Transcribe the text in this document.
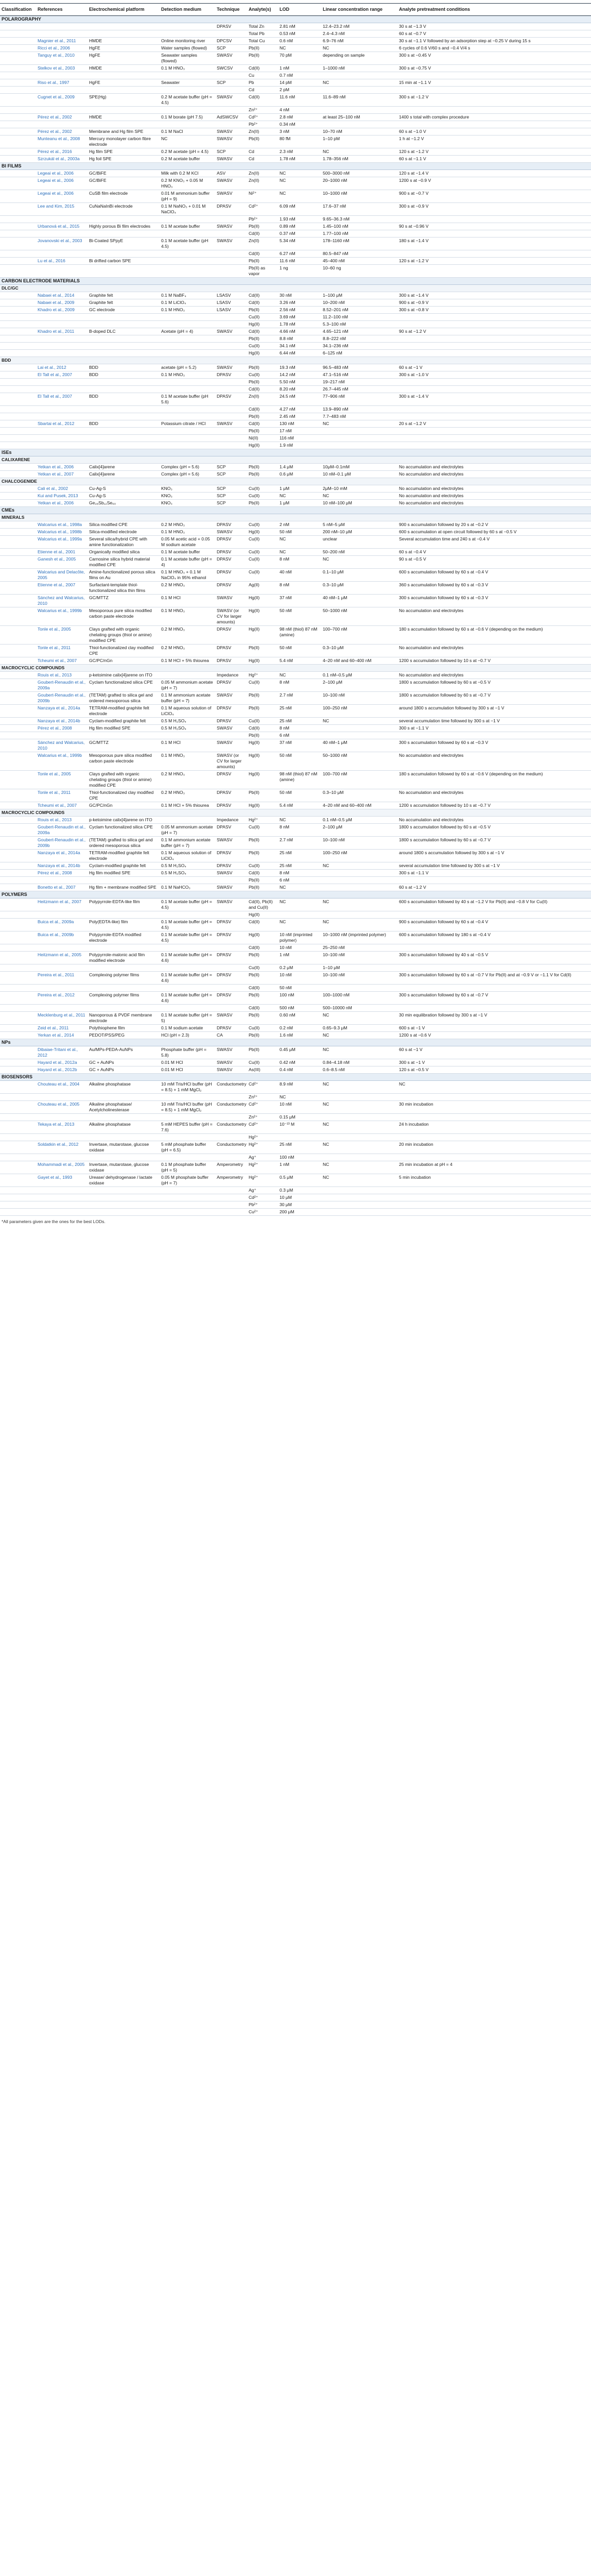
Classification	References	Electrochemical platform	Detection medium	Technique	Analyte(s)	LOD	Linear concentration range	Analyte pretreatment conditions
POLAROGRAPHY								
				DPASV	Total Zn	2.81 nM	12.4–23.2 nM	30 s at −1.3 V
					Total Pb	0.53 nM	2.4–4.3 nM	60 s at −0.7 V
	Magnier et al., 2011	HMDE	Online monitoring river	DPCSV	Total Cu	0.6 nM	6.9–76 nM	30 s at −1.1 V followed by an adsorption step at −0.25 V during 15 s
	Ricci et al., 2006	HgFE	Water samples (flowed)	SCP	Pb(II)	NC	NC	6 cycles of 0.6 V/60 s and −0.4 V/4 s
	Tanguy et al., 2010	HgFE	Seawater samples (flowed)	SWASV	Pb(II)	70 pM	depending on sample	300 s at −0.45 V
	Stelkov et al., 2003	HMDE	0.1 M HNO₃	SWCSV	Cd(II)	1 nM	1–1000 nM	300 s at −0.75 V
					Cu	0.7 nM		
	Riso et al., 1997	HgFE	Seawater	SCP	Pb	14 pM	NC	15 min at −1.1 V
					Cd	2 pM		
	Cugnet et al., 2009	SPE(Hg)	0.2 M acetate buffer (pH = 4.5)	SWASV	Cd(II)	11.6 nM	11.6–89 nM	300 s at −1.2 V
					Zn²⁺	4 nM		
	Pérez et al., 2002	HMDE	0.1 M borate (pH 7.5)	AdSWCSV	Cd²⁺	2.8 nM	at least 25–100 nM	1400 s total with complex procedure
					Pb²⁺	0.34 nM		
	Pérez et al., 2002	Membrane and Hg film SPE	0.1 M NaCl	SWASV	Zn(II)	3 nM	10–70 nM	60 s at −1.0 V
	Munteanu et al., 2008	Mercury monolayer carbon fibre electrode	NC	SWASV	Pb(II)	80 fM	1–10 pM	1 h at −1.2 V
	Pérez et al., 2016	Hg film SPE	0.2 M acetate (pH = 4.5)	SCP	Cd	2.3 nM	NC	120 s at −1.2 V
	Szrzukál et al., 2003a	Hg foil SPE	0.2 M acetate buffer	SWASV	Cd	1.78 nM	1.78–356 nM	60 s at −1.1 V
BI FILMS								
	Legeai et al., 2006	GC/BiFE	Milk with 0.2 M KCl	ASV	Zn(II)	NC	500–3000 nM	120 s at −1.4 V
	Legeai et al., 2006	GC/BiFE	0.2 M KNO₃ + 0.05 M HNO₃	SWASV	Zn(II)	NC	20–1000 nM	1200 s at −0.9 V
	Legeai et al., 2006	CuSB film electrode	0.01 M ammonium buffer (pH = 9)	SWASV	Ni²⁺	NC	10–1000 nM	900 s at −0.7 V
	Lee and Kim, 2015	CuNaNaInBi electrode	0.1 M NaNO₃ + 0.01 M NaClO₄	DPASV	Cd²⁺	6.09 nM	17.6–37 nM	300 s at −0.9 V
					Pb²⁺	1.93 nM	9.65–36.3 nM	
	Urbanová et al., 2015	Highly porous Bi film electrodes	0.1 M acetate buffer	SWASV	Pb(II)	0.89 nM	1.45–100 nM	90 s at −0.96 V
					Cd(II)	0.37 nM	1.77–100 nM	
	Jovanovski et al., 2003	Bi-Coated SPpyE	0.1 M acetate buffer (pH 4.5)	SWASV	Zn(II)	5.34 nM	178–1160 nM	180 s at −1.4 V
					Cd(II)	6.27 nM	80.5–847 nM	
	Lu et al., 2016	Bi drifted carbon SPE			Pb(II)	11.6 nM	45–400 nM	120 s at −1.2 V
					Pb(II) as vapor	1 ng	10–60 ng	
CARBON ELECTRODE MATERIALS								
DLC/GC								
	Nabaei et al., 2014	Graphite felt	0.1 M NaBF₄	LSASV	Cd(II)	30 nM	1–100 μM	300 s at −1.4 V
	Nabaei et al., 2009	Graphite felt	0.1 M LiClO₄	LSASV	Cd(II)	3.26 nM	10–200 nM	900 s at −0.9 V
	Khadro et al., 2009	GC electrode	0.1 M HNO₃	LSASV	Pb(II)	2.56 nM	8.52–201 nM	300 s at −0.8 V
					Cu(II)	3.69 nM	11.2–100 nM	
					Hg(II)	1.78 nM	5.3–100 nM	
	Khadro et al., 2011	B-doped DLC	Acetate (pH = 4)	SWASV	Cd(II)	4.66 nM	4.65–121 nM	90 s at −1.2 V
					Pb(II)	8.8 nM	8.8–222 nM	
					Cu(II)	34.1 nM	34.1–236 nM	
					Hg(II)	6.44 nM	6–125 nM	
BDD								
	Lai et al., 2012	BDD	acetate (pH = 5.2)	SWASV	Pb(II)	19.3 nM	96.5–483 nM	60 s at −1 V
	El Tall et al., 2007	BDD	0.1 M HNO₃	DPASV	Cu(II)	14.2 nM	47.1–516 nM	300 s at −1.0 V
					Pb(II)	5.50 nM	19–217 nM	
					Cd(II)	8.20 nM	26.7–445 nM	
	El Tall et al., 2007	BDD	0.1 M acetate buffer (pH 5.6)	DPASV	Zn(II)	24.5 nM	77–906 nM	300 s at −1.4 V
					Cd(II)	4.27 nM	13.9–890 nM	
					Pb(II)	2.45 nM	7.7–483 nM	
	Sbartai et al., 2012	BDD	Potassium citrate / HCl	SWASV	Cd(II)	130 nM	NC	20 s at −1.2 V
					Pb(II)	17 nM		
					Ni(II)	116 nM		
					Hg(II)	1.9 nM		
ISEs								
CALIXARENE								
	Yetkan et al., 2006	Calix[4]arene	Complex (pH = 5.6)	SCP	Pb(II)	1.4 μM	10μM–0.1mM	No accumulation and electrolytes
	Yetkan et al., 2007	Calix[4]arene	Complex (pH = 5.6)	SCP	Pb(II)	0.6 μM	10 nM–0.1 μM	No accumulation and electrolytes
CHALCOGENIDE								
	Cali et al., 2002	Cu-Ag-S	KNO₃	SCP	Cu(II)	1 μM	2μM–10 mM	No accumulation and electrolytes
	Kui and Pusek, 2013	Cu-Ag-S	KNO₃	SCP	Cu(II)	NC	NC	No accumulation and electrolytes
	Yetkan et al., 2006	Ge₂₈Sb₁₂Se₆₀	KNO₃	SCP	Pb(II)	1 μM	10 nM–100 μM	No accumulation and electrolytes
CMEs								
MINERALS								
	Walcarius et al., 1998a	Silica modified CPE	0.2 M HNO₃	DPASV	Cu(II)	2 nM	5 nM–5 μM	900 s accumulation followed by 20 s at −0.2 V
	Walcarius et al., 1998b	Silica-modified electrode	0.1 M HNO₃	SWASV	Hg(II)	50 nM	200 nM–10 μM	600 s accumulation at open circuit followed by 60 s at −0.5 V
	Walcarius et al., 1999a	Several silica/hybrid CPE with amine functionalization	0.05 M acetic acid + 0.05 M sodium acetate	DPASV	Cu(II)	NC	unclear	Several accumulation time and 240 s at −0.4 V
	Etienne et al., 2001	Organically modified silica	0.1 M acetate buffer	DPASV	Cu(II)	NC	50–200 nM	60 s at −0.4 V
	Ganesh et al., 2005	Carnosine silica hybrid material modified CPE	0.1 M acetate buffer (pH = 4)	DPASV	Cu(II)	8 nM	NC	90 s at −0.5 V
	Walcarius and Delacôte, 2005	Amine-functionalized porous silica films on Au	0.1 M HNO₃ + 0.1 M NaClO₄ in 95% ethanol	DPASV	Cu(II)	40 nM	0.1–10 μM	600 s accumulation followed by 60 s at −0.4 V
	Etienne et al., 2007	Surfactant-template thiol-functionalized silica thin films	0.2 M HNO₃	DPASV	Ag(II)	8 nM	0.3–10 μM	360 s accumulation followed by 60 s at −0.3 V
	Sánchez and Walcarius, 2010	GC/MTTZ	0.1 M HCl	SWASV	Hg(II)	37 nM	40 nM–1 μM	300 s accumulation followed by 60 s at −0.3 V
	Walcarius et al., 1999b	Mesoporous pure silica modified carbon paste electrode	0.1 M HNO₃	SWASV (or CV for larger amounts)	Hg(II)	50 nM	50–1000 nM	No accumulation and electrolytes
	Tonle et al., 2005	Clays grafted with organic chelating groups (thiol or amine) modified CPE	0.2 M HNO₃	DPASV	Hg(II)	98 nM (thiol) 87 nM (amine)	100–700 nM	180 s accumulation followed by 60 s at −0.6 V (depending on the medium)
	Tonle et al., 2011	Thiol-functionalized clay modified CPE	0.2 M HNO₃	DPASV	Pb(II)	50 nM	0.3–10 μM	No accumulation and electrolytes
	Tcheumi et al., 2007	GC/PC/nGn	0.1 M HCl + 5% thiourea	DPASV	Hg(II)	5.4 nM	4–20 nM and 60–400 nM	1200 s accumulation followed by 10 s at −0.7 V
MACROCYCLIC COMPOUNDS								
	Rouis et al., 2013	p-ketoimine calix[4]arene on ITO		Impedance	Hg²⁺	NC	0.1 nM–0.5 μM	No accumulation and electrolytes
	Goubert-Renaudin et al., 2009a	Cyclam functionalized silica CPE	0.05 M ammonium acetate (pH = 7)	DPASV	Cu(II)	8 nM	2–100 μM	1800 s accumulation followed by 60 s at −0.5 V
	Goubert-Renaudin et al., 2009b	(TETAM) grafted to silica gel and ordered mesoporous silica	0.1 M ammonium acetate buffer (pH = 7)	SWASV	Pb(II)	2.7 nM	10–100 nM	1800 s accumulation followed by 60 s at −0.7 V
	Nanzaya et al., 2014a	TETRAM-modified graphite felt electrode	0.1 M aqueous solution of LiClO₄	DPASV	Pb(II)	25 nM	100–250 nM	around 1800 s accumulation followed by 300 s at −1 V
	Nanzaya et al., 2014b	Cyclam-modified graphite felt	0.5 M H₂SO₄	DPASV	Cu(II)	25 nM	NC	several accumulation time followed by 300 s at −1 V
	Pérez et al., 2008	Hg film modified SPE	0.5 M H₂SO₄	SWASV	Cd(II)	8 nM		300 s at −1.1 V
					Pb(II)	6 nM		
	Sánchez and Walcarius, 2010	GC/MTTZ	0.1 M HCl	SWASV	Hg(II)	37 nM	40 nM–1 μM	300 s accumulation followed by 60 s at −0.3 V
	Walcarius et al., 1999b	Mesoporous pure silica modified carbon paste electrode	0.1 M HNO₃	SWASV (or CV for larger amounts)	Hg(II)	50 nM	50–1000 nM	No accumulation and electrolytes
	Tonle et al., 2005	Clays grafted with organic chelating groups (thiol or amine) modified CPE	0.2 M HNO₃	DPASV	Hg(II)	98 nM (thiol) 87 nM (amine)	100–700 nM	180 s accumulation followed by 60 s at −0.6 V (depending on the medium)
	Tonle et al., 2011	Thiol-functionalized clay modified CPE	0.2 M HNO₃	DPASV	Pb(II)	50 nM	0.3–10 μM	No accumulation and electrolytes
	Tcheumi et al., 2007	GC/PC/nGn	0.1 M HCl + 5% thiourea	DPASV	Hg(II)	5.4 nM	4–20 nM and 60–400 nM	1200 s accumulation followed by 10 s at −0.7 V
MACROCYCLIC COMPOUNDS								
	Rouis et al., 2013	p-ketoimine calix[4]arene on ITO		Impedance	Hg²⁺	NC	0.1 nM–0.5 μM	No accumulation and electrolytes
	Goubert-Renaudin et al., 2009a	Cyclam functionalized silica CPE	0.05 M ammonium acetate (pH = 7)	DPASV	Cu(II)	8 nM	2–100 μM	1800 s accumulation followed by 60 s at −0.5 V
	Goubert-Renaudin et al., 2009b	(TETAM) grafted to silica gel and ordered mesoporous silica	0.1 M ammonium acetate buffer (pH = 7)	SWASV	Pb(II)	2.7 nM	10–100 nM	1800 s accumulation followed by 60 s at −0.7 V
	Nanzaya et al., 2014a	TETRAM-modified graphite felt electrode	0.1 M aqueous solution of LiClO₄	DPASV	Pb(II)	25 nM	100–250 nM	around 1800 s accumulation followed by 300 s at −1 V
	Nanzaya et al., 2014b	Cyclam-modified graphite felt	0.5 M H₂SO₄	DPASV	Cu(II)	25 nM	NC	several accumulation time followed by 300 s at −1 V
	Pérez et al., 2008	Hg film modified SPE	0.5 M H₂SO₄	SWASV	Cd(II)	8 nM		300 s at −1.1 V
					Pb(II)	6 nM		
	Bonetto et al., 2007	Hg film + membrane modified SPE	0.1 M NaHCO₃	SWASV	Pb(II)	NC		60 s at −1.2 V
POLYMERS								
	Heitzmann et al., 2007	Polypyrrole-EDTA-like film	0.1 M acetate buffer (pH = 4.5)	SWASV	Cd(II), Pb(II) and Cu(II)	NC	NC	600 s accumulation followed by 40 s at −1.2 V for Pb(II) and −0.8 V for Cu(II)
					Hg(II)			
	Buica et al., 2009a	Poly(EDTA-like) film	0.1 M acetate buffer (pH = 4.5)	DPASV	Cd(II)	NC	NC	900 s accumulation followed by 60 s at −0.4 V
	Buica et al., 2009b	Polypyrrole-EDTA modified electrode	0.1 M acetate buffer (pH = 4.5)	DPASV	Hg(II)	10 nM (imprinted polymer)	10–1000 nM (imprinted polymer)	600 s accumulation followed by 180 s at −0.4 V
					Cd(II)	10 nM	25–250 nM	
	Heitzmann et al., 2005	Polypyrrole-malonic acid film modified electrode	0.1 M acetate buffer (pH = 4.6)	DPASV	Pb(II)	1 nM	10–100 nM	300 s accumulation followed by 40 s at −0.5 V
					Cu(II)	0.2 μM	1–10 μM	
	Pereira et al., 2011	Complexing polymer films	0.1 M acetate buffer (pH = 4.6)	DPASV	Pb(II)	10 nM	10–100 nM	300 s accumulation followed by 60 s at −0.7 V for Pb(II) and at −0.9 V or −1.1 V for Cd(II)
					Cd(II)	50 nM		
	Pereira et al., 2012	Complexing polymer films	0.1 M acetate buffer (pH = 4.6)	DPASV	Pb(II)	100 nM	100–1000 nM	300 s accumulation followed by 60 s at −0.7 V
					Cd(II)	500 nM	500–10000 nM	
	Mecklenburg et al., 2011	Nanoporous & PVDF membrane electrode	0.1 M acetate buffer (pH = 5)	SWASV	Pb(II)	0.60 nM	NC	30 min equilibration followed by 300 s at −1 V
	Zeid et al., 2011	Polythiophene film	0.1 M sodium acetate	DPASV	Cu(II)	0.2 nM	0.65–9.3 μM	600 s at −1 V
	Yerkan et al., 2014	PEDOT/PSS/PEG	HCl (pH = 2.3)	CA	Pb(II)	1.6 nM	NC	1200 s at −0.6 V
NPs								
	Dibaiae-Tritani et al., 2012	Au/MPs-PEDA-AuNPs	Phosphate buffer (pH = 5.8)	SWASV	Pb(II)	0.45 μM	NC	60 s at −1 V
	Hayard et al., 2012a	GC + AuNPs	0.01 M HCl	SWASV	Cu(II)	0.42 nM	0.84–4.18 nM	300 s at −1 V
	Hayard et al., 2012b	GC + AuNPs	0.01 M HCl	SWASV	As(III)	0.4 nM	0.6–8.5 nM	120 s at −0.5 V
BIOSENSORS								
	Chouteau et al., 2004	Alkaline phosphatase	10 mM Tris/HCl buffer (pH = 8.5) + 1 mM MgCl₂	Conductometry	Cd²⁺	8.9 nM	NC	NC
					Zn²⁺	NC		
	Chouteau et al., 2005	Alkaline phosphatase/ Acetylcholinesterase	10 mM Tris/HCl buffer (pH = 8.5) + 1 mM MgCl₂	Conductometry	Cd²⁺	10 nM	NC	30 min incubation
					Zn²⁺	0.15 μM		
	Tekaya et al., 2013	Alkaline phosphatase	5 mM HEPES buffer (pH = 7.6)	Conductometry	Cd²⁺	10⁻¹³ M	NC	24 h incubation
					Hg²⁺			
	Soldatkin et al., 2012	Invertase, mutarotase, glucose oxidase	5 mM phosphate buffer (pH = 6.5)	Conductometry	Hg²⁺	25 nM	NC	20 min incubation
					Ag⁺	100 nM		
	Mohammadi et al., 2005	Invertase, mutarotase, glucose oxidase	0.1 M phosphate buffer (pH = 5)	Amperometry	Hg²⁺	1 nM	NC	25 min incubation at pH = 4
	Gayet et al., 1993	Urease/ dehydrogenase / lactate oxidase	0.05 M phosphate buffer (pH = 7)	Amperometry	Hg²⁺	0.5 μM	NC	5 min incubation
					Ag⁺	0.3 μM		
					Cd²⁺	10 μM		
					Pb²⁺	30 μM		
					Cu²⁺	200 μM		
*All parameters given are the ones for the best LODs.
